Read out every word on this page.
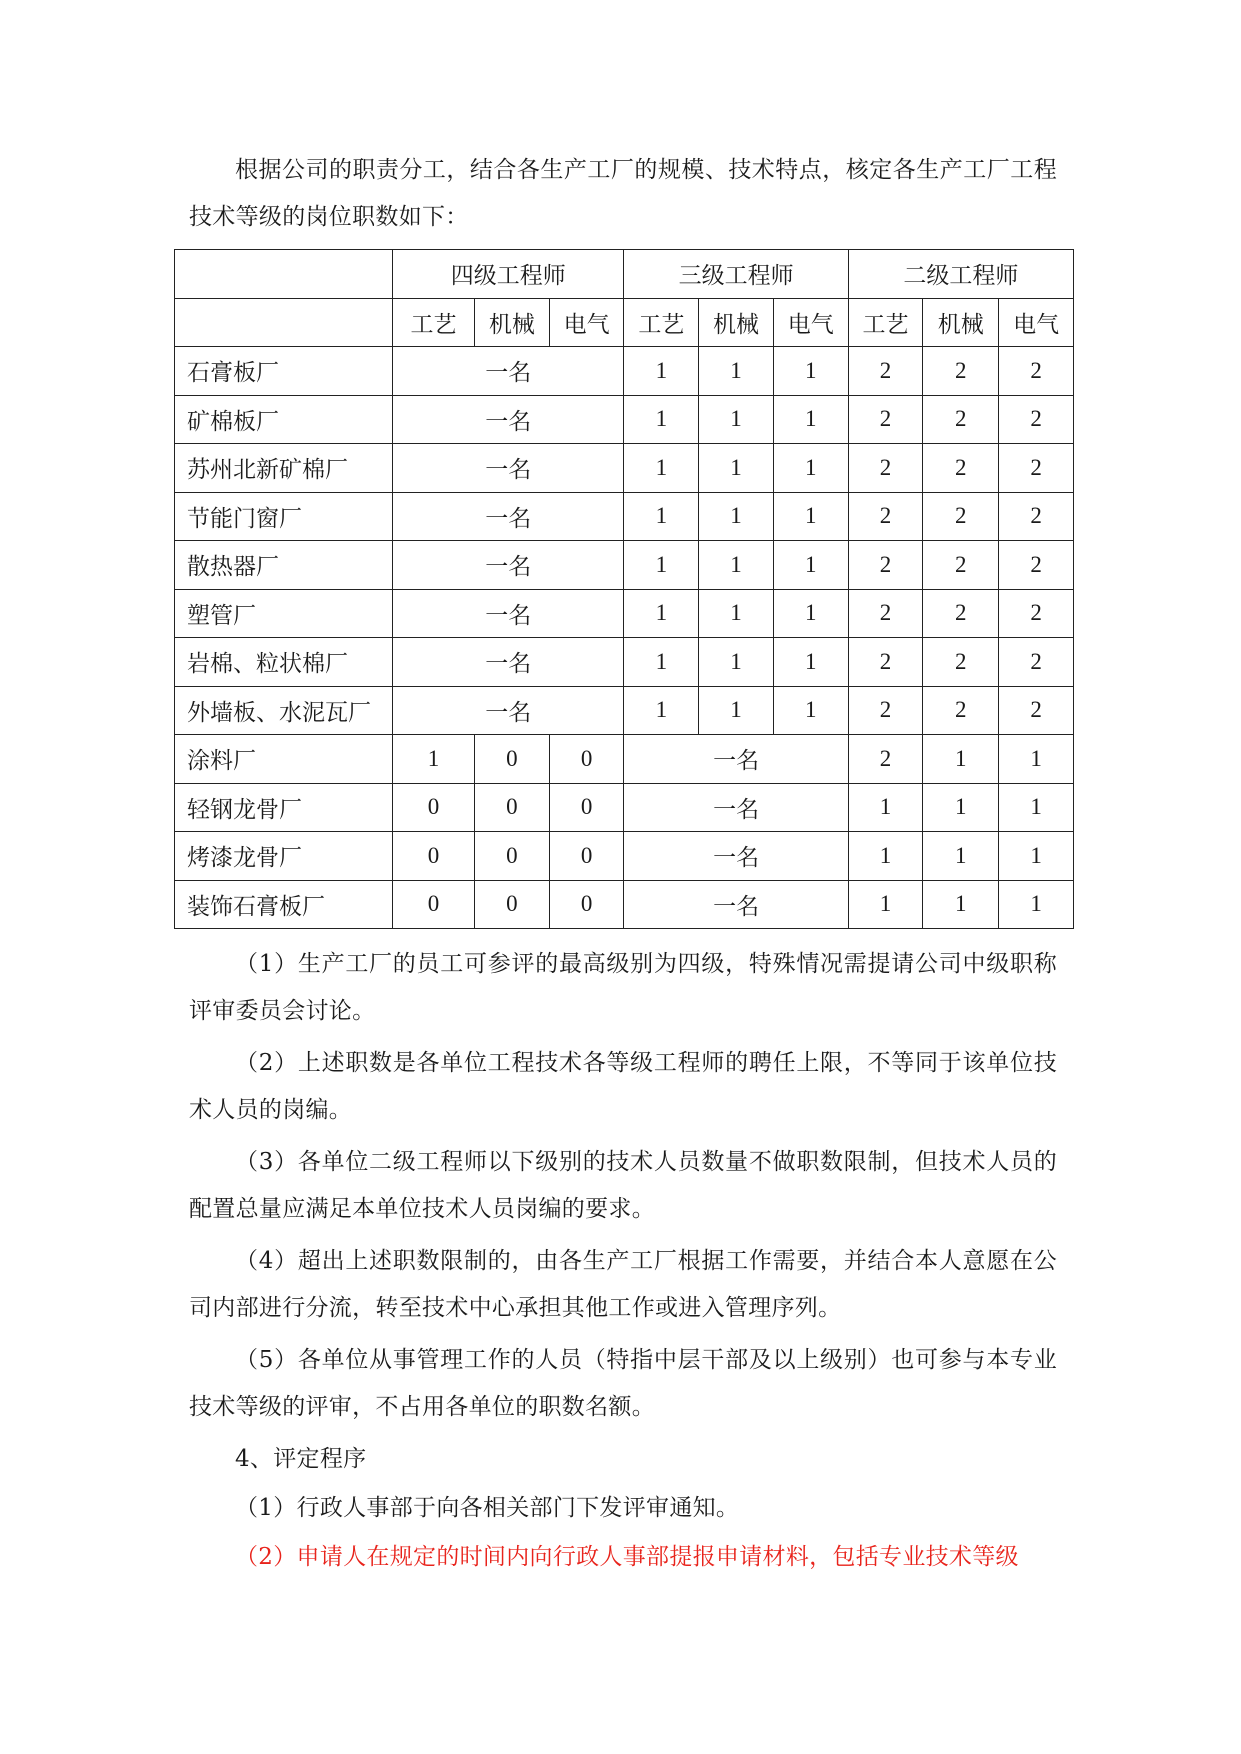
根据公司的职责分工，结合各生产工厂的规模、技术特点，核定各生产工厂工程技术等级的岗位职数如下：

	四级工程师			三级工程师			二级工程师		
	工艺	机械	电气	工艺	机械	电气	工艺	机械	电气
石膏板厂	一名			1	1	1	2	2	2
矿棉板厂	一名			1	1	1	2	2	2
苏州北新矿棉厂	一名			1	1	1	2	2	2
节能门窗厂	一名			1	1	1	2	2	2
散热器厂	一名			1	1	1	2	2	2
塑管厂	一名			1	1	1	2	2	2
岩棉、粒状棉厂	一名			1	1	1	2	2	2
外墙板、水泥瓦厂	一名			1	1	1	2	2	2
涂料厂	1	0	0	一名			2	1	1
轻钢龙骨厂	0	0	0	一名			1	1	1
烤漆龙骨厂	0	0	0	一名			1	1	1
装饰石膏板厂	0	0	0	一名			1	1	1

（1）生产工厂的员工可参评的最高级别为四级，特殊情况需提请公司中级职称评审委员会讨论。

（2）上述职数是各单位工程技术各等级工程师的聘任上限，不等同于该单位技术人员的岗编。

（3）各单位二级工程师以下级别的技术人员数量不做职数限制，但技术人员的配置总量应满足本单位技术人员岗编的要求。

（4）超出上述职数限制的，由各生产工厂根据工作需要，并结合本人意愿在公司内部进行分流，转至技术中心承担其他工作或进入管理序列。

（5）各单位从事管理工作的人员（特指中层干部及以上级别）也可参与本专业技术等级的评审，不占用各单位的职数名额。

4、评定程序

（1）行政人事部于向各相关部门下发评审通知。

（2）申请人在规定的时间内向行政人事部提报申请材料，包括专业技术等级
